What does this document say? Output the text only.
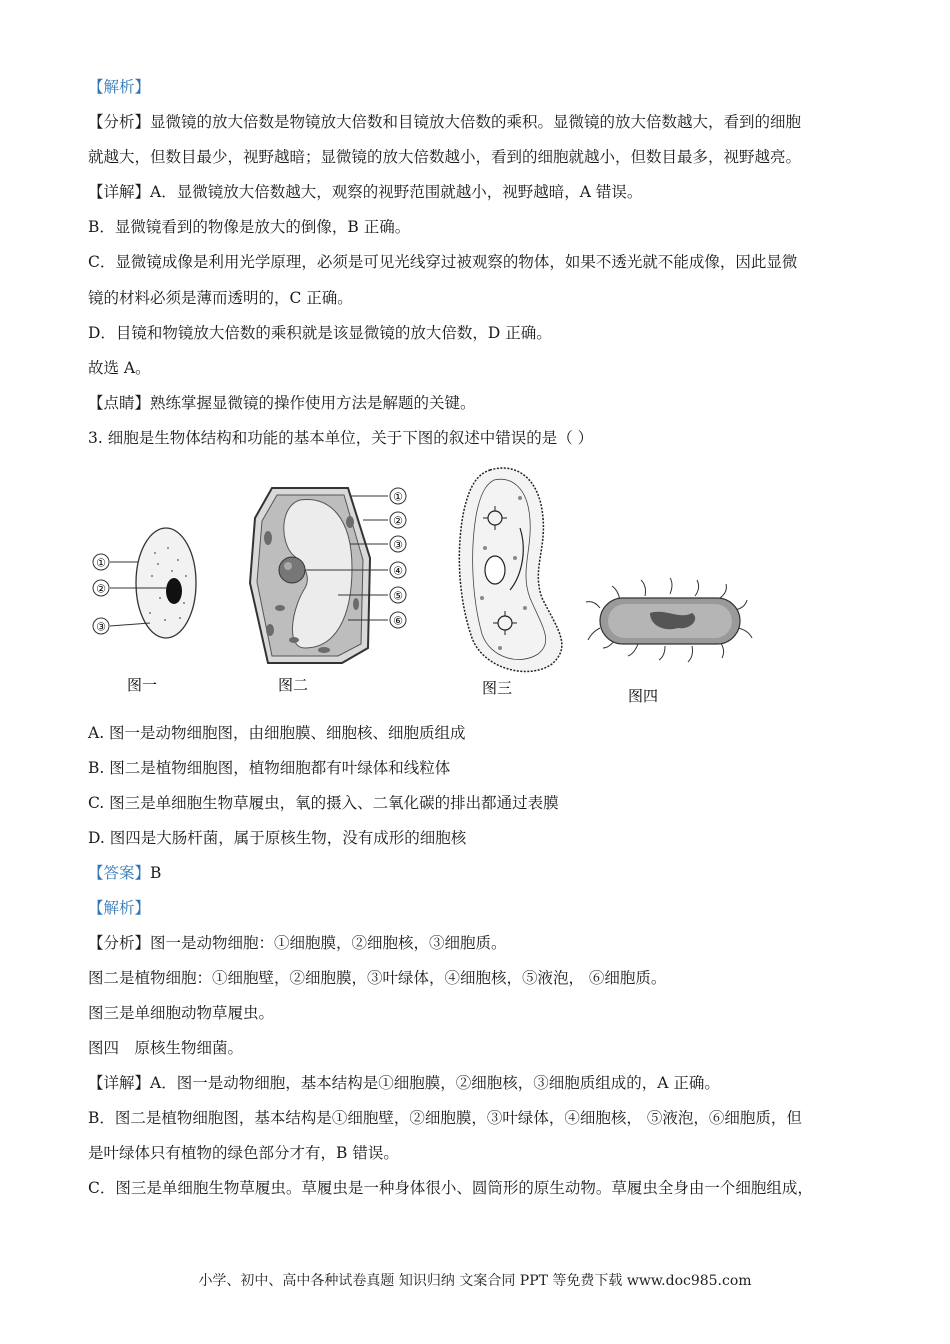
【解析】
【分析】显微镜的放大倍数是物镜放大倍数和目镜放大倍数的乘积。显微镜的放大倍数越大，看到的细胞
就越大，但数目最少，视野越暗；显微镜的放大倍数越小，看到的细胞就越小，但数目最多，视野越亮。
【详解】A．显微镜放大倍数越大，观察的视野范围就越小，视野越暗，A 错误。
B．显微镜看到的物像是放大的倒像，B 正确。
C．显微镜成像是利用光学原理，必须是可见光线穿过被观察的物体，如果不透光就不能成像，因此显微
镜的材料必须是薄而透明的，C 正确。
D．目镜和物镜放大倍数的乘积就是该显微镜的放大倍数，D 正确。
故选 A。
【点睛】熟练掌握显微镜的操作使用方法是解题的关键。
3. 细胞是生物体结构和功能的基本单位，关于下图的叙述中错误的是（ ）
①
②
③
图一
①
②
③
④
⑤
⑥
图二	图三	图四
A. 图一是动物细胞图，由细胞膜、细胞核、细胞质组成
B. 图二是植物细胞图，植物细胞都有叶绿体和线粒体
C. 图三是单细胞生物草履虫，氧的摄入、二氧化碳的排出都通过表膜
D. 图四是大肠杆菌，属于原核生物，没有成形的细胞核
【答案】B
【解析】
【分析】图一是动物细胞：①细胞膜，②细胞核，③细胞质。
图二是植物细胞：①细胞壁，②细胞膜，③叶绿体，④细胞核，⑤液泡， ⑥细胞质。
图三是单细胞动物草履虫。
图四　原核生物细菌。
【详解】A．图一是动物细胞，基本结构是①细胞膜，②细胞核，③细胞质组成的，A 正确。
B．图二是植物细胞图，基本结构是①细胞壁，②细胞膜，③叶绿体，④细胞核， ⑤液泡，⑥细胞质，但
是叶绿体只有植物的绿色部分才有，B 错误。
C．图三是单细胞生物草履虫。草履虫是一种身体很小、圆筒形的原生动物。草履虫全身由一个细胞组成，
小学、初中、高中各种试卷真题 知识归纳 文案合同 PPT 等免费下载 www.doc985.com
